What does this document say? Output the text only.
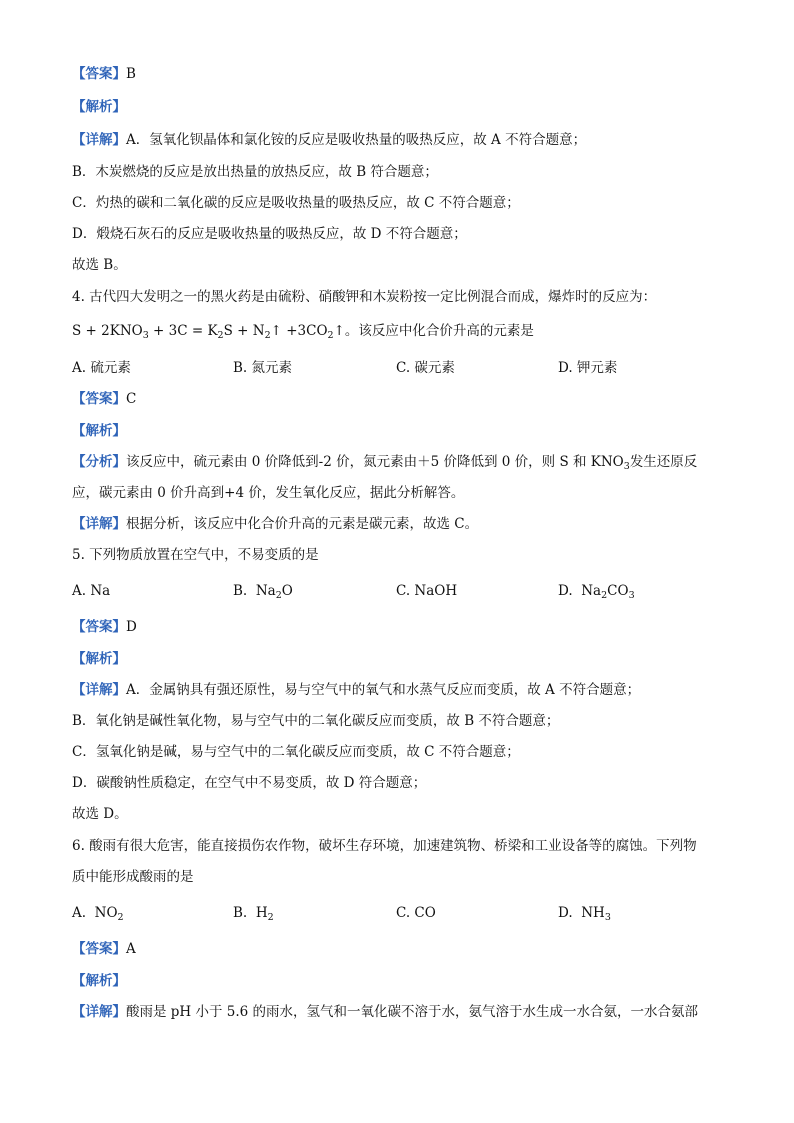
【答案】B
【解析】
【详解】A．氢氧化钡晶体和氯化铵的反应是吸收热量的吸热反应，故 A 不符合题意；
B．木炭燃烧的反应是放出热量的放热反应，故 B 符合题意；
C．灼热的碳和二氧化碳的反应是吸收热量的吸热反应，故 C 不符合题意；
D．煅烧石灰石的反应是吸收热量的吸热反应，故 D 不符合题意；
故选 B。
4. 古代四大发明之一的黑火药是由硫粉、硝酸钾和木炭粉按一定比例混合而成，爆炸时的反应为：
$S + 2KNO_3 + 3C = K_2S$ + $N_2↑$ $+3CO_2↑$。该反应中化合价升高的元素是
A. 硫元素	B. 氮元素	C. 碳元素	D. 钾元素
【答案】C
【解析】
【分析】该反应中，硫元素由 0 价降低到-2 价，氮元素由＋5 价降低到 0 价，则 S 和 $KNO_3$发生还原反
应，碳元素由 0 价升高到+4 价，发生氧化反应，据此分析解答。
【详解】根据分析，该反应中化合价升高的元素是碳元素，故选 C。
5. 下列物质放置在空气中，不易变质的是
A. Na	B. $Na_2O$	C. NaOH	D. $Na_2CO_3$
【答案】D
【解析】
【详解】A．金属钠具有强还原性，易与空气中的氧气和水蒸气反应而变质，故 A 不符合题意；
B．氧化钠是碱性氧化物，易与空气中的二氧化碳反应而变质，故 B 不符合题意；
C．氢氧化钠是碱，易与空气中的二氧化碳反应而变质，故 C 不符合题意；
D．碳酸钠性质稳定，在空气中不易变质，故 D 符合题意；
故选 D。
6. 酸雨有很大危害，能直接损伤农作物，破坏生存环境，加速建筑物、桥梁和工业设备等的腐蚀。下列物
质中能形成酸雨的是
A. $NO_2$	B. $H_2$	C. CO	D. $NH_3$
【答案】A
【解析】
【详解】酸雨是 pH 小于 5.6 的雨水，氢气和一氧化碳不溶于水，氨气溶于水生成一水合氨，一水合氨部
